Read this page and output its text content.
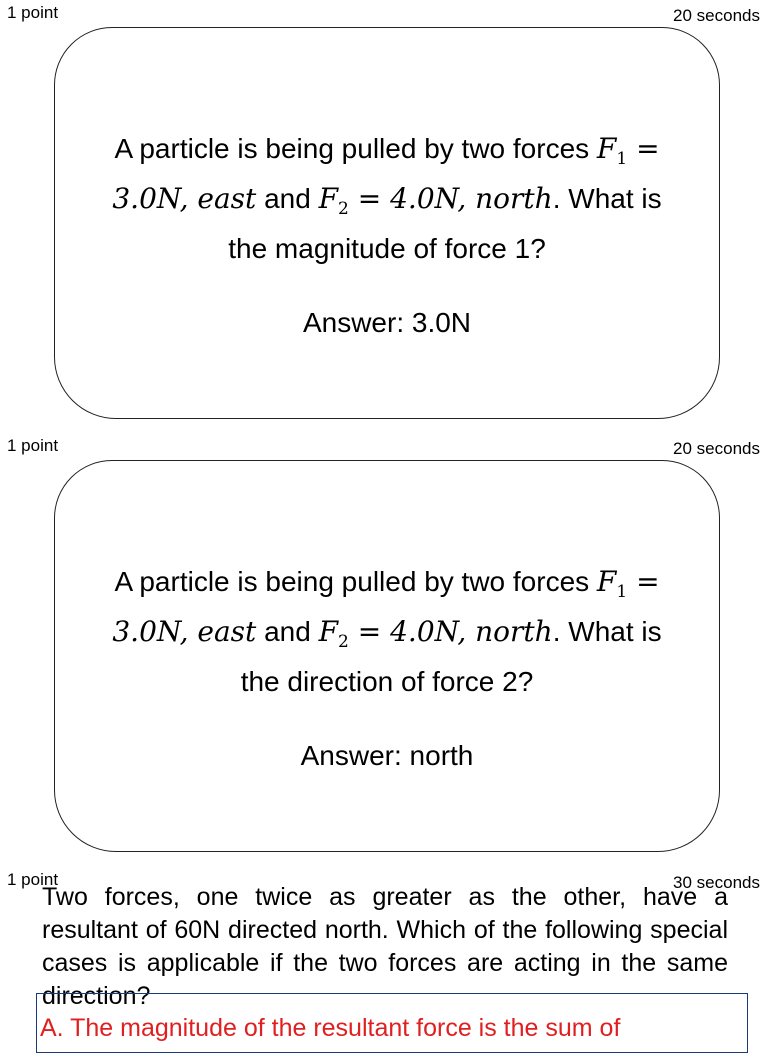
1 point	20 seconds

A particle is being pulled by two forces $F_1$ =

3.0N, east and $F_2 = 4.0N$, north. What is

the magnitude of force 1?

Answer: 3.0N
1 point	20 seconds

A particle is being pulled by two forces $F_1$ =

3.0N, east and $F_2 = 4.0N$, north. What is

the direction of force 2?

Answer: north
1 point	30 seconds

Two forces, one twice as greater as the other, have a resultant of 60N directed north. Which of the following special cases is applicable if the two forces are acting in the same direction?

A. The magnitude of the resultant force is the sum of
